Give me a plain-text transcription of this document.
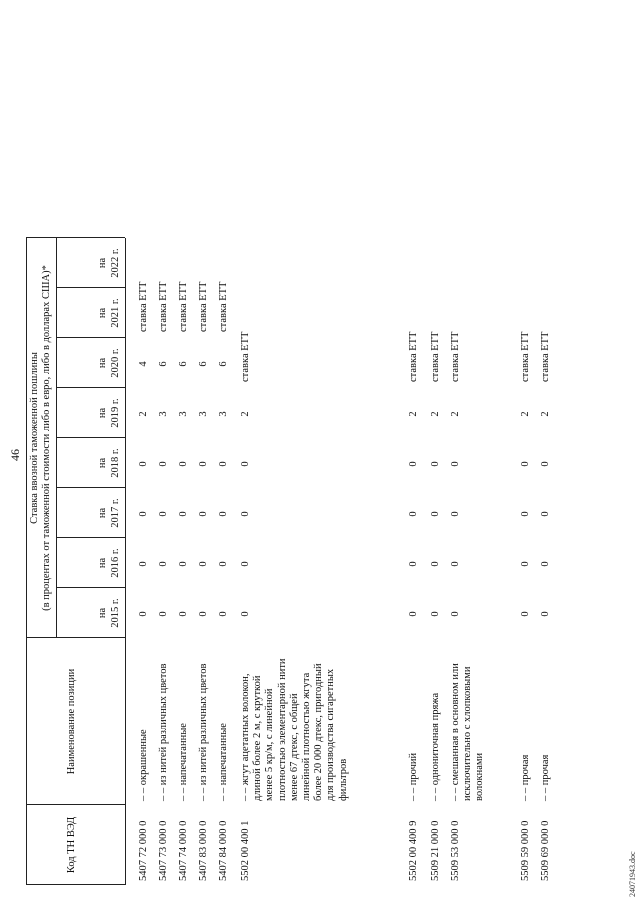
46
24071943.doc
Код ТН ВЭД
Наименование позиции
Ставка ввозной таможенной пошлины (в процентах от таможенной стоимости либо в евро, либо в долларах США)*
на 2015 г.
на 2016 г.
на 2017 г.
на 2018 г.
на 2019 г.
на 2020 г.
на 2021 г.
на 2022 г.
5407 72 000 0
– – окрашенные
0
0
0
0
2
4
ставка ЕТТ
5407 73 000 0
– – из нитей различных цветов
0
0
0
0
3
6
ставка ЕТТ
5407 74 000 0
– – напечатанные
0
0
0
0
3
6
ставка ЕТТ
5407 83 000 0
– – из нитей различных цветов
0
0
0
0
3
6
ставка ЕТТ
5407 84 000 0
– – напечатанные
0
0
0
0
3
6
ставка ЕТТ
5502 00 400 1
– – жгут ацетатных волокон, длиной более 2 м, с круткой менее 5 кр/м, с линейной плотностью элементарной нити менее 67 дтекс, с общей линейной плотностью жгута более 20 000 дтекс, пригодный для производства сигаретных фильтров
0
0
0
0
2
ставка ЕТТ
5502 00 400 9
– – прочий
0
0
0
0
2
ставка ЕТТ
5509 21 000 0
– – однониточная пряжа
0
0
0
0
2
ставка ЕТТ
5509 53 000 0
– – смешанная в основном или исключительно с хлопковыми волокнами
0
0
0
0
2
ставка ЕТТ
5509 59 000 0
– – прочая
0
0
0
0
2
ставка ЕТТ
5509 69 000 0
– – прочая
0
0
0
0
2
ставка ЕТТ
